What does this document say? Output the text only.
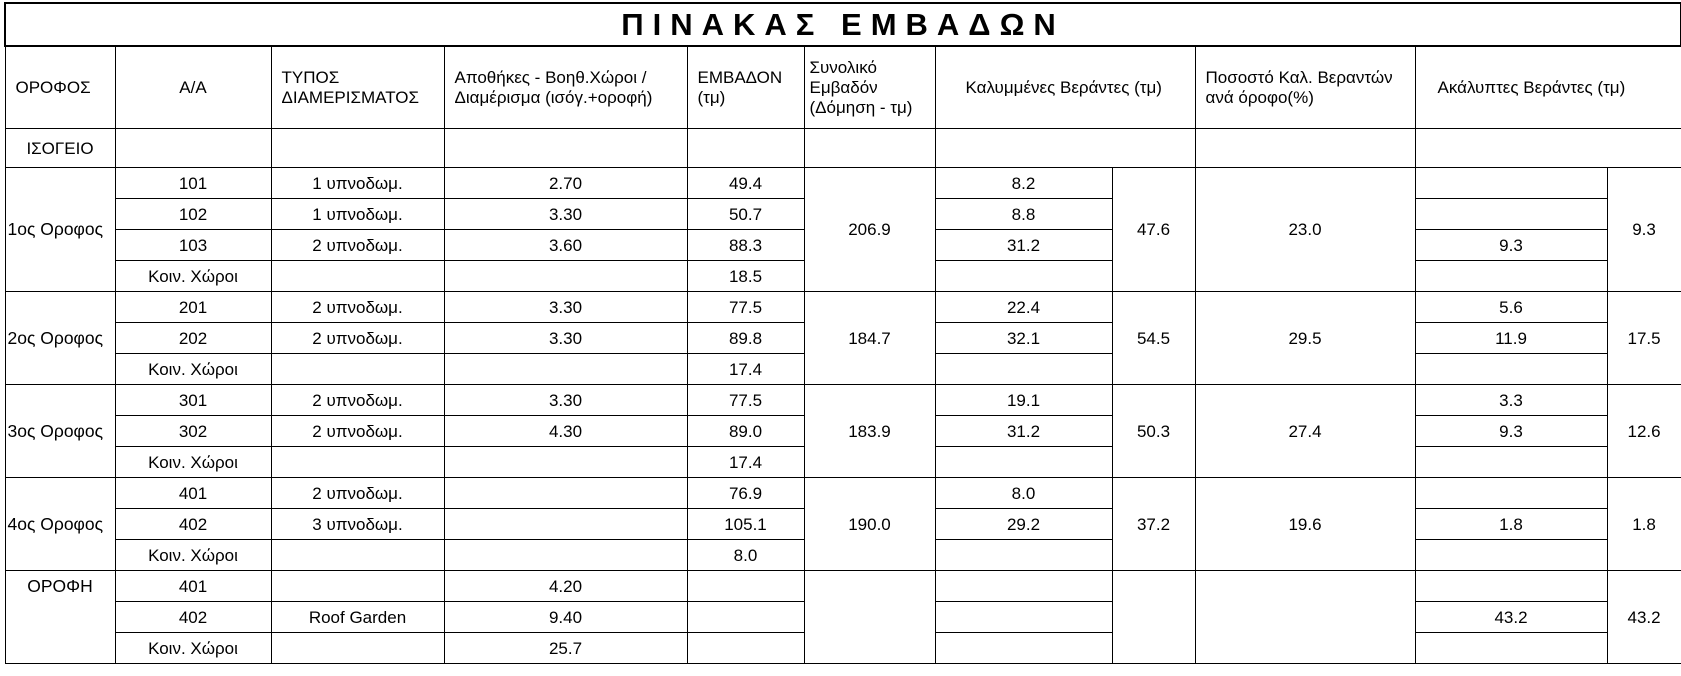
ΠΙΝΑΚΑΣ ΕΜΒΑΔΩΝ										
ΟΡΟΦΟΣ	Α/Α	ΤΥΠΟΣ ΔΙΑΜΕΡΙΣΜΑΤΟΣ	Αποθήκες - Βοηθ.Χώροι /Διαμέρισμα (ισόγ.+οροφή)	ΕΜΒΑΔΟΝ (τμ)	Συνολικό Εμβαδόν (Δόμηση - τμ)	Καλυμμένες Βεράντες (τμ)		Ποσοστό Καλ. Βεραντών ανά όροφο(%)	Ακάλυπτες Βεράντες (τμ)	
ΙΣΟΓΕΙΟ										
1ος Οροφος	101	1 υπνοδωμ.	2.70	49.4	206.9	8.2	47.6	23.0		9.3
	102	1 υπνοδωμ.	3.30	50.7		8.8				
	103	2 υπνοδωμ.	3.60	88.3		31.2			9.3	
	Κοιν. Χώροι			18.5						
2ος Οροφος	201	2 υπνοδωμ.	3.30	77.5	184.7	22.4	54.5	29.5	5.6	17.5
	202	2 υπνοδωμ.	3.30	89.8		32.1			11.9	
	Κοιν. Χώροι			17.4						
3ος Οροφος	301	2 υπνοδωμ.	3.30	77.5	183.9	19.1	50.3	27.4	3.3	12.6
	302	2 υπνοδωμ.	4.30	89.0		31.2			9.3	
	Κοιν. Χώροι			17.4						
4ος Οροφος	401	2 υπνοδωμ.		76.9	190.0	8.0	37.2	19.6		1.8
	402	3 υπνοδωμ.		105.1		29.2			1.8	
	Κοιν. Χώροι			8.0						
ΟΡΟΦΗ	401		4.20							43.2
	402	Roof Garden	9.40						43.2	
	Κοιν. Χώροι		25.7							
